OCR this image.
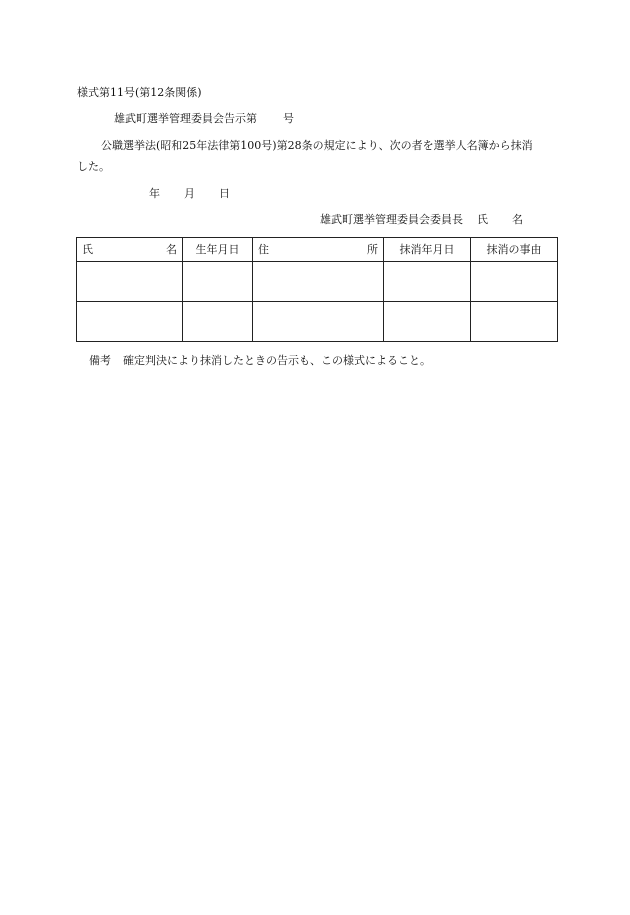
様式第11号(第12条関係)
雄武町選挙管理委員会告示第 号
公職選挙法(昭和25年法律第100号)第28条の規定により、次の者を選挙人名簿から抹消
した。
年 月 日
雄武町選挙管理委員会委員長 氏 名
氏 名	生年月日	住 所	抹消年月日	抹消の事由

備考 確定判決により抹消したときの告示も、この様式によること。
